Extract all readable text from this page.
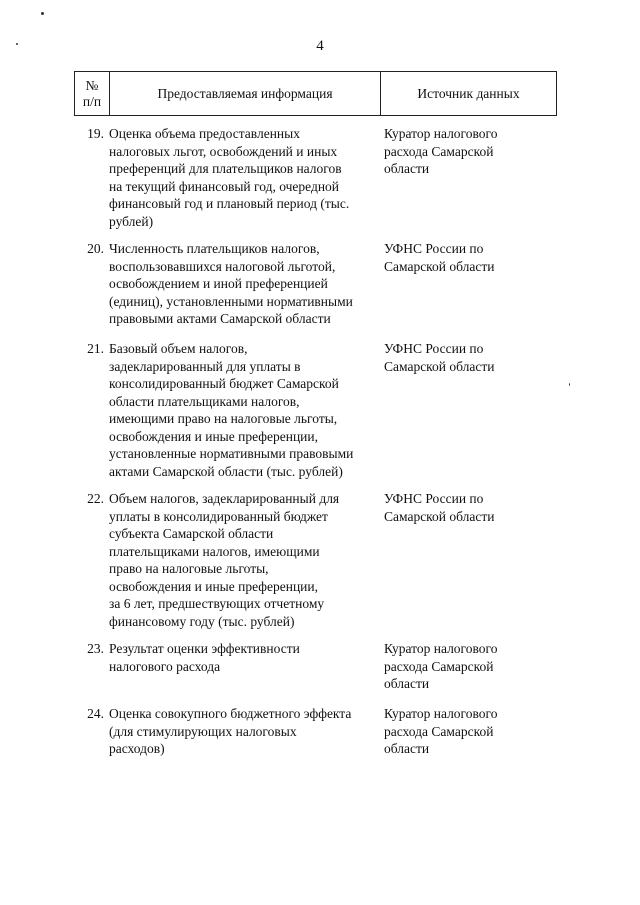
4
№
п/п
Предоставляемая информация	Источник данных
19. Оценка объема предоставленных
налоговых льгот, освобождений и иных
преференций для плательщиков налогов
на текущий финансовый год, очередной
финансовый год и плановый период (тыс.
рублей)
Куратор налогового
расхода Самарской
области
20. Численность плательщиков налогов,
воспользовавшихся налоговой льготой,
освобождением и иной преференцией
(единиц), установленными нормативными
правовыми актами Самарской области
УФНС России по
Самарской области
21. Базовый объем налогов,
задекларированный для уплаты в
консолидированный бюджет Самарской
области плательщиками налогов,
имеющими право на налоговые льготы,
освобождения и иные преференции,
установленные нормативными правовыми
актами Самарской области (тыс. рублей)
УФНС России по
Самарской области
22. Объем налогов, задекларированный для
уплаты в консолидированный бюджет
субъекта Самарской области
плательщиками налогов, имеющими
право на налоговые льготы,
освобождения и иные преференции,
за 6 лет, предшествующих отчетному
финансовому году (тыс. рублей)
УФНС России по
Самарской области
23. Результат оценки эффективности
налогового расхода
Куратор налогового
расхода Самарской
области
24. Оценка совокупного бюджетного эффекта
(для стимулирующих налоговых
расходов)
Куратор налогового
расхода Самарской
области
